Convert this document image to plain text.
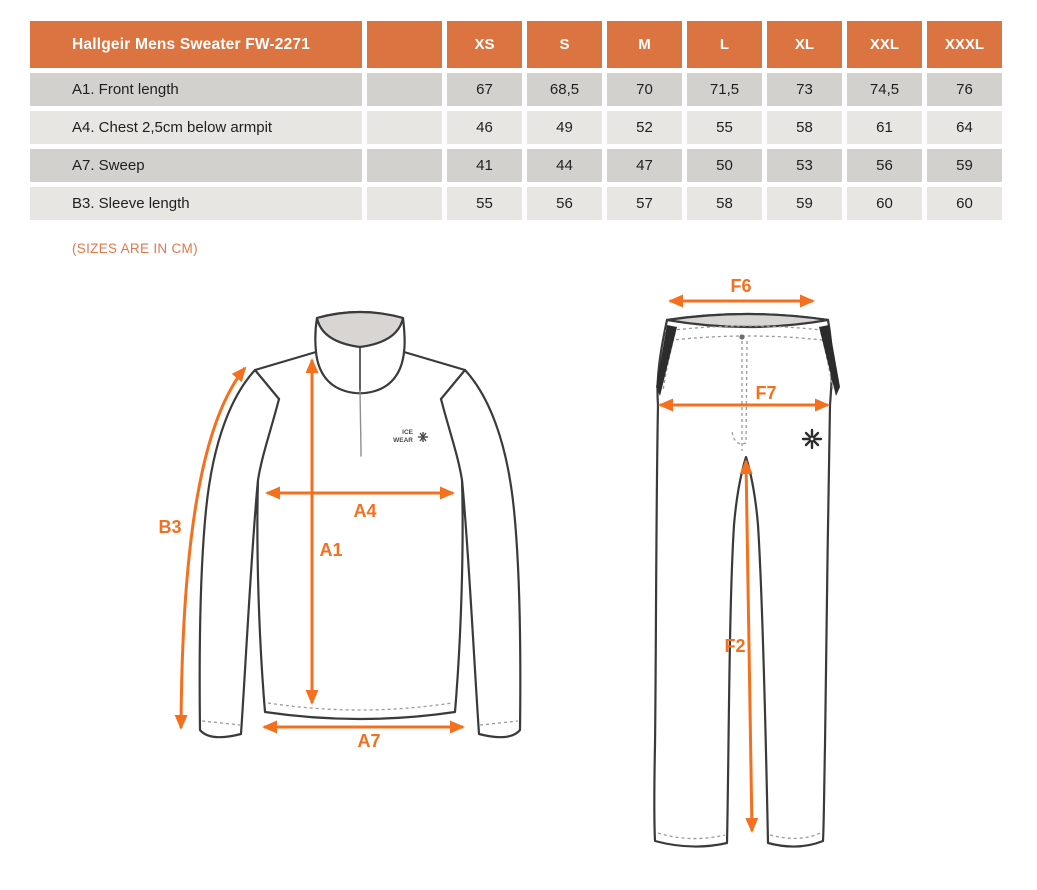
Hallgeir Mens Sweater FW-2271		XS	S	M	L	XL	XXL	XXXL
A1. Front length		67	68,5	70	71,5	73	74,5	76
A4. Chest 2,5cm below armpit		46	49	52	55	58	61	64
A7. Sweep		41	44	47	50	53	56	59
B3. Sleeve length		55	56	57	58	59	60	60
(SIZES ARE IN CM)
ICE
WEAR
B3
A1
A4
A7
F6
F7
F2
